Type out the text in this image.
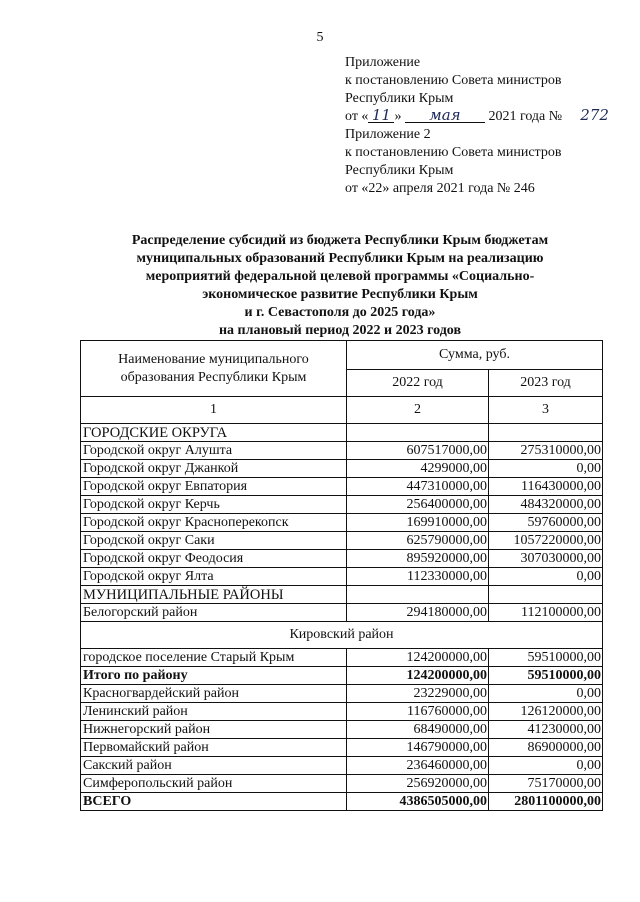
5
Приложение
к постановлению Совета министров
Республики Крым
от « 11 » мая 2021 года № 272
Приложение 2
к постановлению Совета министров
Республики Крым
от «22» апреля 2021 года № 246
Распределение субсидий из бюджета Республики Крым бюджетам
муниципальных образований Республики Крым на реализацию
мероприятий федеральной целевой программы «Социально-
экономическое развитие Республики Крым
и г. Севастополя до 2025 года»
на плановый период 2022 и 2023 годов
Наименование муниципального образования Республики Крым	Сумма, руб.	
	2022 год	2023 год
1	2	3
ГОРОДСКИЕ ОКРУГА		
Городской округ Алушта	607517000,00	275310000,00
Городской округ Джанкой	4299000,00	0,00
Городской округ Евпатория	447310000,00	116430000,00
Городской округ Керчь	256400000,00	484320000,00
Городской округ Красноперекопск	169910000,00	59760000,00
Городской округ Саки	625790000,00	1057220000,00
Городской округ Феодосия	895920000,00	307030000,00
Городской округ Ялта	112330000,00	0,00
МУНИЦИПАЛЬНЫЕ РАЙОНЫ		
Белогорский район	294180000,00	112100000,00
Кировский район		
городское поселение Старый Крым	124200000,00	59510000,00
Итого по району	124200000,00	59510000,00
Красногвардейский район	23229000,00	0,00
Ленинский район	116760000,00	126120000,00
Нижнегорский район	68490000,00	41230000,00
Первомайский район	146790000,00	86900000,00
Сакский район	236460000,00	0,00
Симферопольский район	256920000,00	75170000,00
ВСЕГО	4386505000,00	2801100000,00
